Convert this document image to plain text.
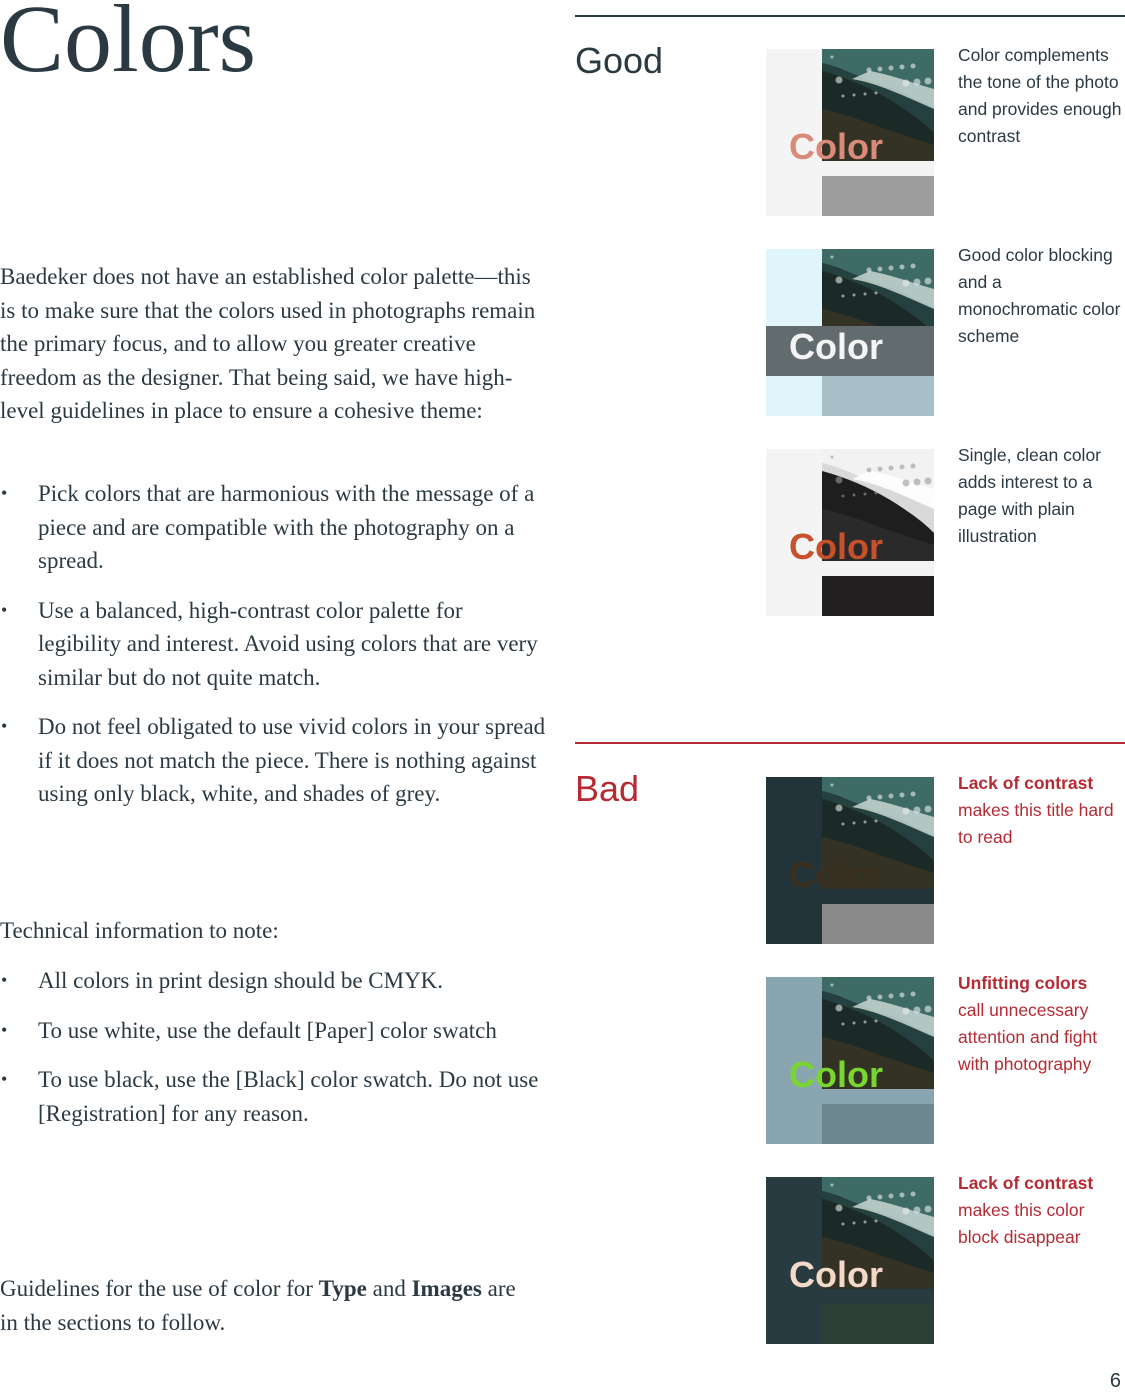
Colors

Baedeker does not have an established color palette—this is to make sure that the colors used in photographs remain the primary focus, and to allow you greater creative freedom as the designer. That being said, we have high-level guidelines in place to ensure a cohesive theme:

• Pick colors that are harmonious with the message of a piece and are compatible with the photography on a spread.
• Use a balanced, high-contrast color palette for legibility and interest. Avoid using colors that are very similar but do not quite match.
• Do not feel obligated to use vivid colors in your spread if it does not match the piece. There is nothing against using only black, white, and shades of grey.

Technical information to note:

• All colors in print design should be CMYK.
• To use white, use the default [Paper] color swatch
• To use black, use the [Black] color swatch. Do not use [Registration] for any reason.

Guidelines for the use of color for Type and Images are in the sections to follow.

Good
Color

Color complements the tone of the photo and provides enough contrast

Color

Good color blocking and a monochromatic color scheme

Color

Single, clean color adds interest to a page with plain illustration

Bad
Color

Lack of contrast
makes this title hard to read

Color

Unfitting colors
call unnecessary attention and fight with photography

Color

Lack of contrast
makes this color block disappear

6
